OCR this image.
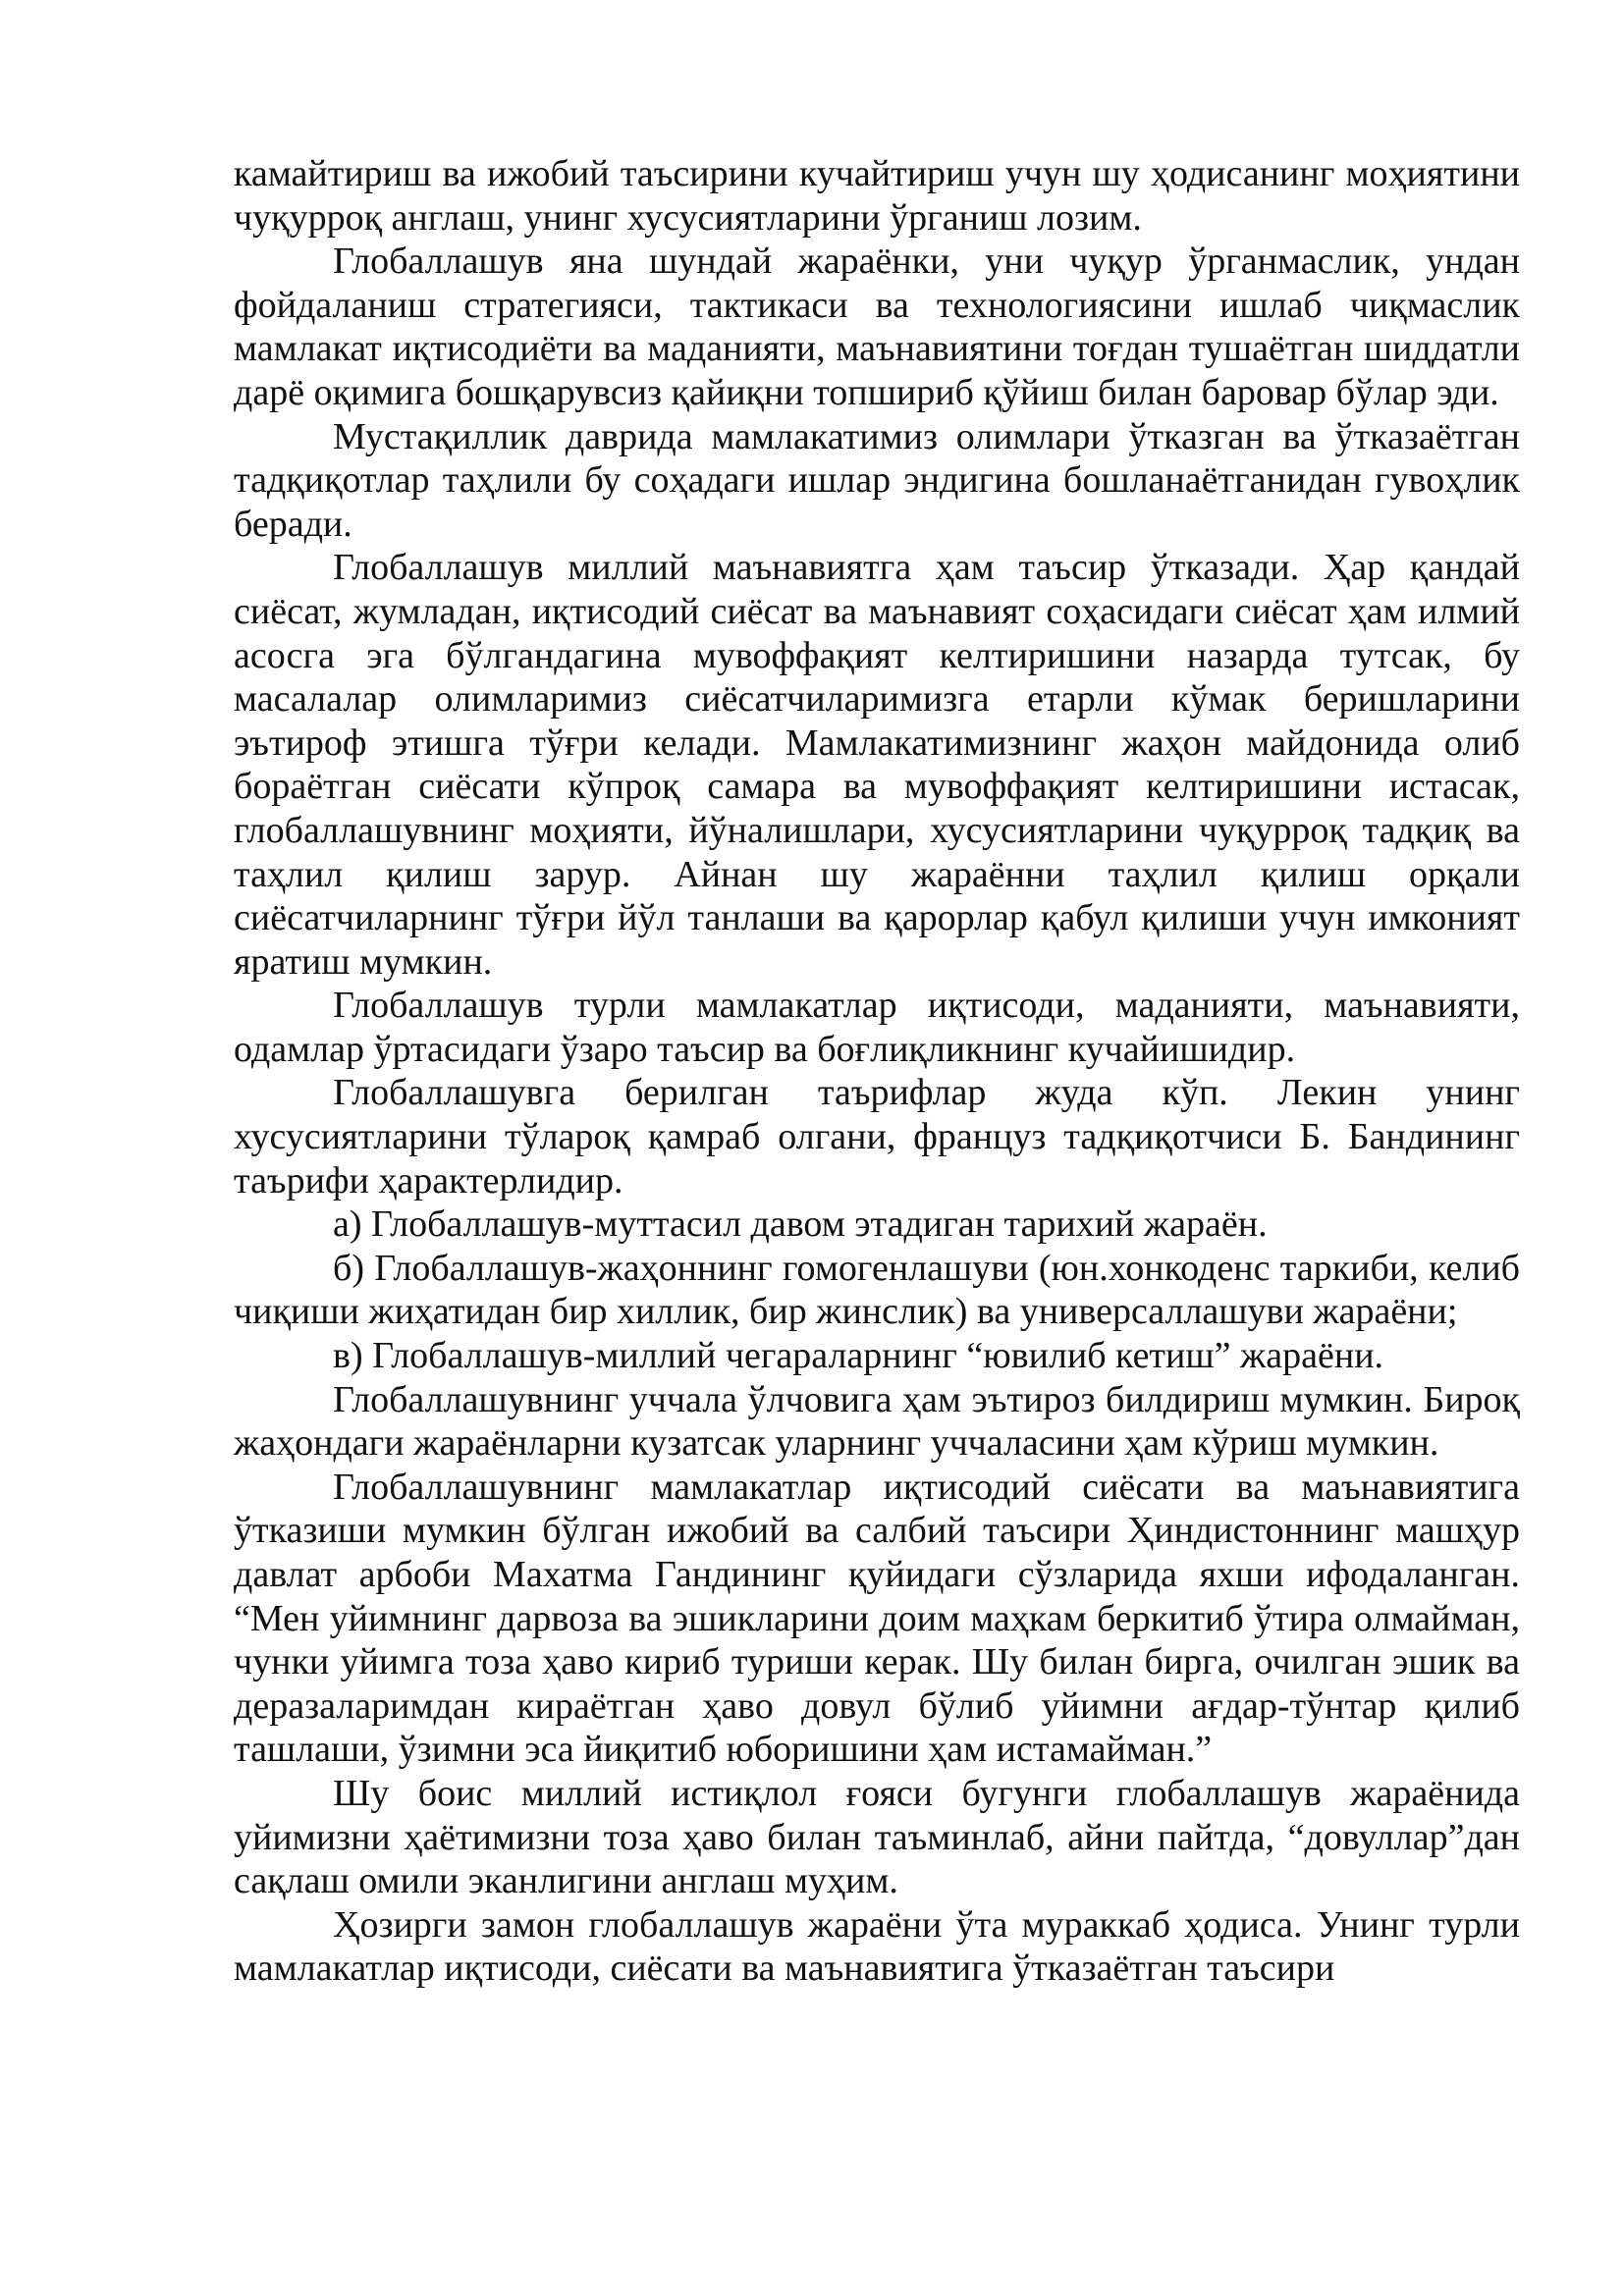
камайтириш ва ижобий таъсирини кучайтириш учун шу ҳодисанинг моҳиятини чуқурроқ англаш, унинг хусусиятларини ўрганиш лозим.

Глобаллашув яна шундай жараёнки, уни чуқур ўрганмаслик, ундан фойдаланиш стратегияси, тактикаси ва технологиясини ишлаб чиқмаслик мамлакат иқтисодиёти ва маданияти, маънавиятини тоғдан тушаётган шиддатли дарё оқимига бошқарувсиз қайиқни топшириб қўйиш билан баровар бўлар эди.

Мустақиллик даврида мамлакатимиз олимлари ўтказган ва ўтказаётган тадқиқотлар таҳлили бу соҳадаги ишлар эндигина бошланаётганидан гувоҳлик беради.

Глобаллашув миллий маънавиятга ҳам таъсир ўтказади. Ҳар қандай сиёсат, жумладан, иқтисодий сиёсат ва маънавият соҳасидаги сиёсат ҳам илмий асосга эга бўлгандагина мувоффақият келтиришини назарда тутсак, бу масалалар олимларимиз сиёсатчиларимизга етарли кўмак беришларини эътироф этишга тўғри келади. Мамлакатимизнинг жаҳон майдонида олиб бораётган сиёсати кўпроқ самара ва мувоффақият келтиришини истасак, глобаллашувнинг моҳияти, йўналишлари, хусусиятларини чуқурроқ тадқиқ ва таҳлил қилиш зарур. Айнан шу жараённи таҳлил қилиш орқали сиёсатчиларнинг тўғри йўл танлаши ва қарорлар қабул қилиши учун имконият яратиш мумкин.

Глобаллашув турли мамлакатлар иқтисоди, маданияти, маънавияти, одамлар ўртасидаги ўзаро таъсир ва боғлиқликнинг кучайишидир.

Глобаллашувга берилган таърифлар жуда кўп. Лекин унинг хусусиятларини тўлароқ қамраб олгани, француз тадқиқотчиси Б. Бандининг таърифи ҳарактерлидир.

а) Глобаллашув-муттасил давом этадиган тарихий жараён.

б) Глобаллашув-жаҳоннинг гомогенлашуви (юн.хонкоденс таркиби, келиб чиқиши жиҳатидан бир хиллик, бир жинслик) ва универсаллашуви жараёни;

в) Глобаллашув-миллий чегараларнинг “ювилиб кетиш” жараёни.

Глобаллашувнинг уччала ўлчовига ҳам эътироз билдириш мумкин. Бироқ жаҳондаги жараёнларни кузатсак уларнинг уччаласини ҳам кўриш мумкин.

Глобаллашувнинг мамлакатлар иқтисодий сиёсати ва маънавиятига ўтказиши мумкин бўлган ижобий ва салбий таъсири Ҳиндистоннинг машҳур давлат арбоби Махатма Гандининг қуйидаги сўзларида яхши ифодаланган. “Мен уйимнинг дарвоза ва эшикларини доим маҳкам беркитиб ўтира олмайман, чунки уйимга тоза ҳаво кириб туриши керак. Шу билан бирга, очилган эшик ва деразаларимдан кираётган ҳаво довул бўлиб уйимни ағдар-тўнтар қилиб ташлаши, ўзимни эса йиқитиб юборишини ҳам истамайман.”

Шу боис миллий истиқлол ғояси бугунги глобаллашув жараёнида уйимизни ҳаётимизни тоза ҳаво билан таъминлаб, айни пайтда, “довуллар”дан сақлаш омили эканлигини англаш муҳим.

Ҳозирги замон глобаллашув жараёни ўта мураккаб ҳодиса. Унинг турли мамлакатлар иқтисоди, сиёсати ва маънавиятига ўтказаётган таъсири
